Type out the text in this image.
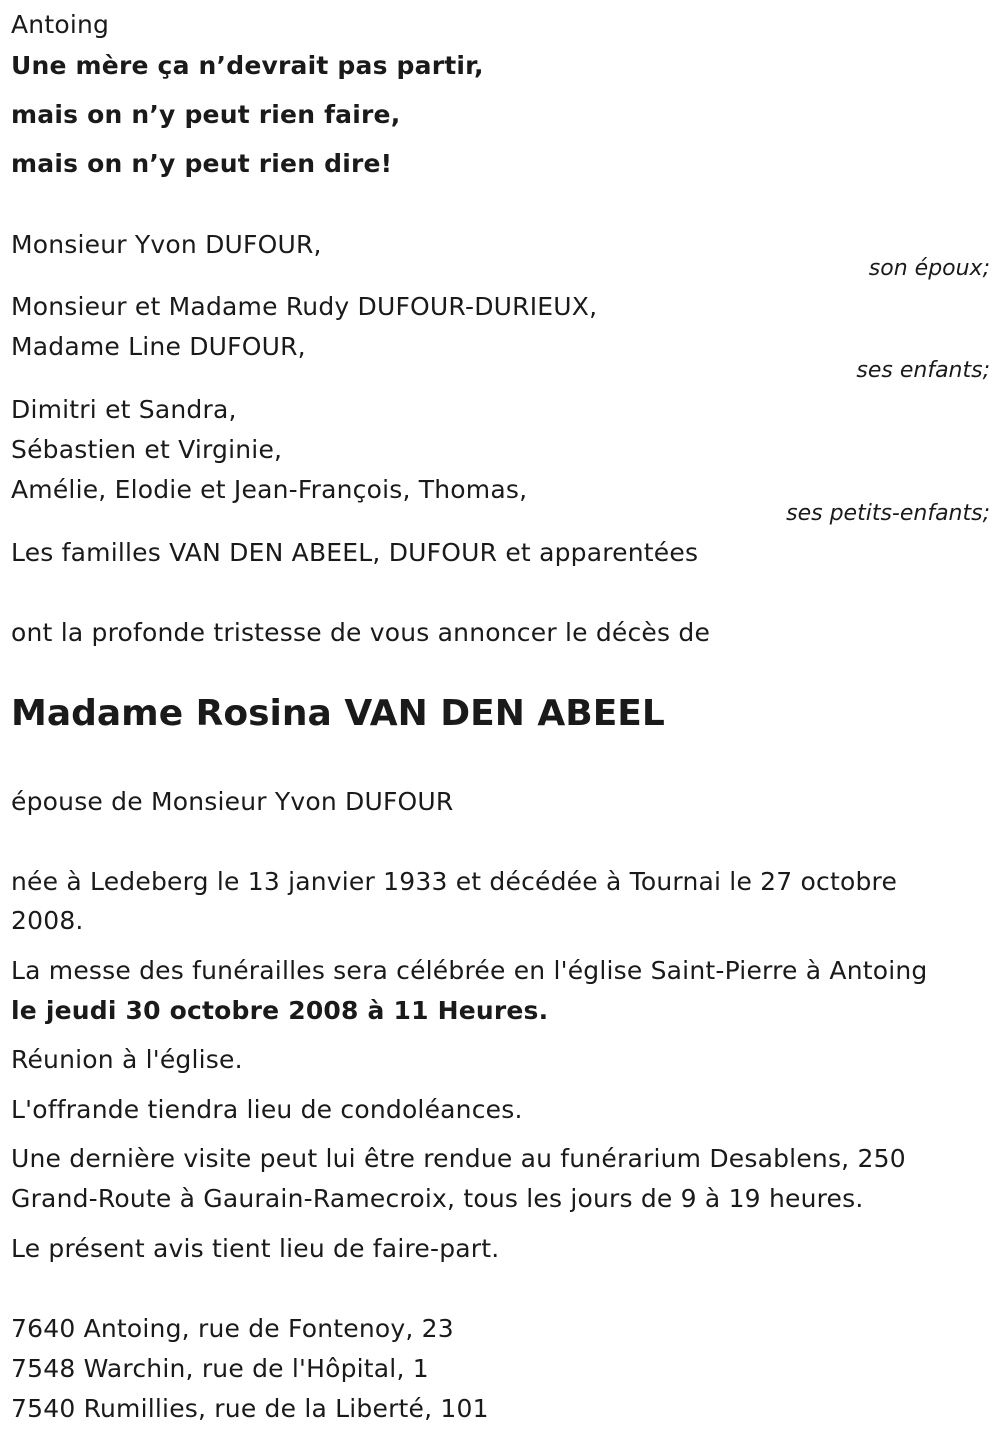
Antoing
Une mère ça n’devrait pas partir,
mais on n’y peut rien faire,
mais on n’y peut rien dire!
Monsieur Yvon DUFOUR,
son époux;
Monsieur et Madame Rudy DUFOUR-DURIEUX,
Madame Line DUFOUR,
ses enfants;
Dimitri et Sandra,
Sébastien et Virginie,
Amélie, Elodie et Jean-François, Thomas,
ses petits-enfants;
Les familles VAN DEN ABEEL, DUFOUR et apparentées
ont la profonde tristesse de vous annoncer le décès de
Madame Rosina VAN DEN ABEEL
épouse de Monsieur Yvon DUFOUR
née à Ledeberg le 13 janvier 1933 et décédée à Tournai le 27 octobre
2008.
La messe des funérailles sera célébrée en l'église Saint-Pierre à Antoing
le jeudi 30 octobre 2008 à 11 Heures.
Réunion à l'église.
L'offrande tiendra lieu de condoléances.
Une dernière visite peut lui être rendue au funérarium Desablens, 250
Grand-Route à Gaurain-Ramecroix, tous les jours de 9 à 19 heures.
Le présent avis tient lieu de faire-part.
7640 Antoing, rue de Fontenoy, 23
7548 Warchin, rue de l'Hôpital, 1
7540 Rumillies, rue de la Liberté, 101
